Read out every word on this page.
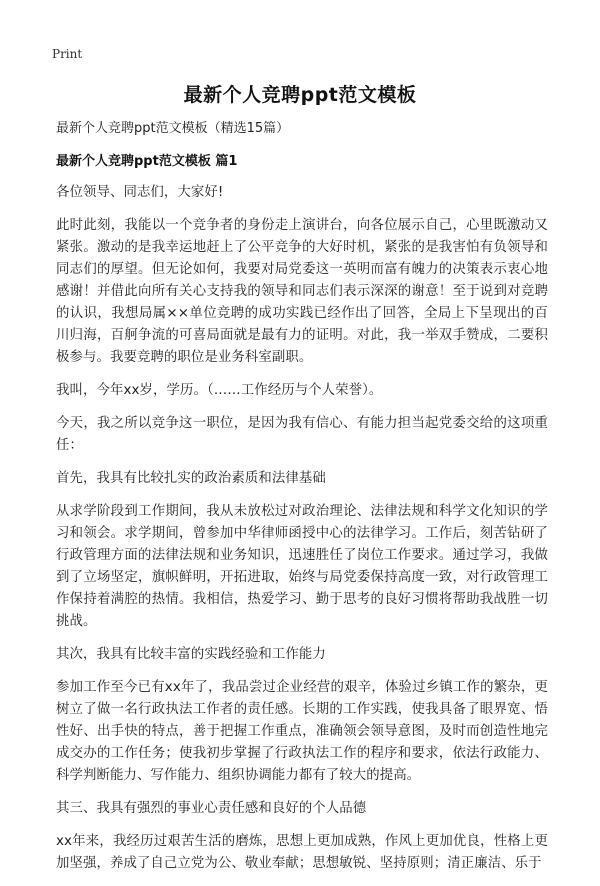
Print
最新个人竞聘ppt范文模板
最新个人竞聘ppt范文模板（精选15篇）
最新个人竞聘ppt范文模板 篇1

各位领导、同志们，大家好!

此时此刻，我能以一个竞争者的身份走上演讲台，向各位展示自己，心里既激动又紧张。激动的是我幸运地赶上了公平竞争的大好时机，紧张的是我害怕有负领导和同志们的厚望。但无论如何，我要对局党委这一英明而富有魄力的决策表示衷心地感谢！并借此向所有关心支持我的领导和同志们表示深深的谢意！至于说到对竞聘的认识，我想局属××单位竞聘的成功实践已经作出了回答，全局上下呈现出的百川归海，百舸争流的可喜局面就是最有力的证明。对此，我一举双手赞成，二要积极参与。我要竞聘的职位是业务科室副职。

我叫，今年xx岁，学历。（……工作经历与个人荣誉）。

今天，我之所以竞争这一职位，是因为我有信心、有能力担当起党委交给的这项重任：

首先，我具有比较扎实的政治素质和法律基础

从求学阶段到工作期间，我从未放松过对政治理论、法律法规和科学文化知识的学习和领会。求学期间，曾参加中华律师函授中心的法律学习。工作后，刻苦钻研了行政管理方面的法律法规和业务知识，迅速胜任了岗位工作要求。通过学习，我做到了立场坚定，旗帜鲜明，开拓进取，始终与局党委保持高度一致，对行政管理工作保持着满腔的热情。我相信，热爱学习、勤于思考的良好习惯将帮助我战胜一切挑战。

其次，我具有比较丰富的实践经验和工作能力

参加工作至今已有xx年了，我品尝过企业经营的艰辛，体验过乡镇工作的繁杂，更树立了做一名行政执法工作者的责任感。长期的工作实践，使我具备了眼界宽、悟性好、出手快的特点，善于把握工作重点，准确领会领导意图，及时而创造性地完成交办的工作任务；使我初步掌握了行政执法工作的程序和要求，依法行政能力、科学判断能力、写作能力、组织协调能力都有了较大的提高。

其三、我具有强烈的事业心责任感和良好的个人品德

xx年来，我经历过艰苦生活的磨炼，思想上更加成熟，作风上更加优良，性格上更加坚强，养成了自己立党为公、敬业奉献；思想敏锐、坚持原则；清正廉洁、乐于
